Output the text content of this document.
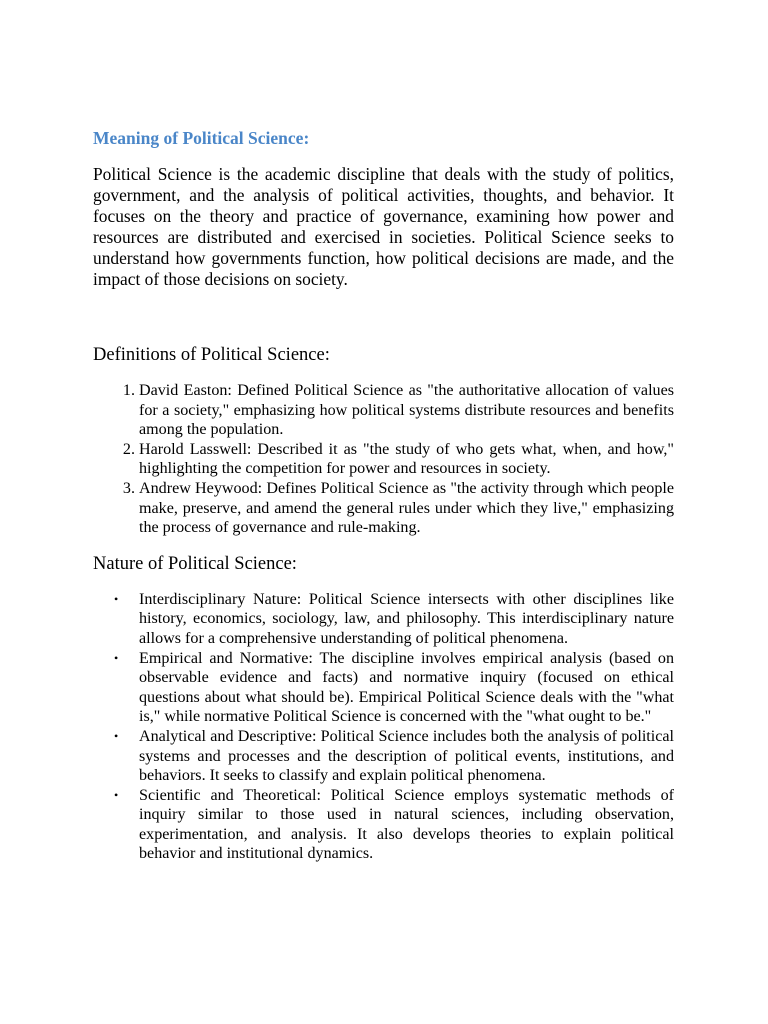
Meaning of Political Science:

Political Science is the academic discipline that deals with the study of politics, government, and the analysis of political activities, thoughts, and behavior. It focuses on the theory and practice of governance, examining how power and resources are distributed and exercised in societies. Political Science seeks to understand how governments function, how political decisions are made, and the impact of those decisions on society.

Definitions of Political Science:
1. David Easton: Defined Political Science as "the authoritative allocation of values for a society," emphasizing how political systems distribute resources and benefits among the population.
2. Harold Lasswell: Described it as "the study of who gets what, when, and how," highlighting the competition for power and resources in society.
3. Andrew Heywood: Defines Political Science as "the activity through which people make, preserve, and amend the general rules under which they live," emphasizing the process of governance and rule-making.
Nature of Political Science:
• Interdisciplinary Nature: Political Science intersects with other disciplines like history, economics, sociology, law, and philosophy. This interdisciplinary nature allows for a comprehensive understanding of political phenomena.
• Empirical and Normative: The discipline involves empirical analysis (based on observable evidence and facts) and normative inquiry (focused on ethical questions about what should be). Empirical Political Science deals with the "what is," while normative Political Science is concerned with the "what ought to be."
• Analytical and Descriptive: Political Science includes both the analysis of political systems and processes and the description of political events, institutions, and behaviors. It seeks to classify and explain political phenomena.
• Scientific and Theoretical: Political Science employs systematic methods of inquiry similar to those used in natural sciences, including observation, experimentation, and analysis. It also develops theories to explain political behavior and institutional dynamics.
